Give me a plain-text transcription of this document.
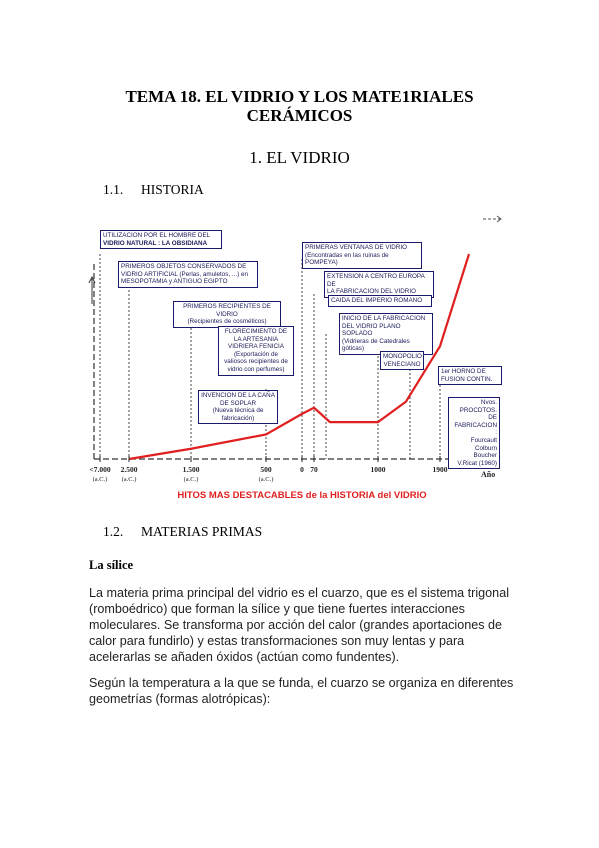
TEMA 18. EL VIDRIO Y LOS MATE1RIALES
CERÁMICOS
1. EL VIDRIO
1.1. HISTORIA
<7.000
(a.C.)
2.500
(a.C.)
1.500
(a.C.)
500
(a.C.)
0 70	1000	1900
Año
HITOS MAS DESTACABLES de la HISTORIA del VIDRIO
UTILIZACION POR EL HOMBRE DEL
VIDRIO NATURAL : LA OBSIDIANA
PRIMEROS OBJETOS CONSERVADOS DE
VIDRIO ARTIFICIAL (Perlas, amuletos, ...) en
MESOPOTAMIA y ANTIGUO EGIPTO
PRIMEROS RECIPIENTES DE VIDRIO
(Recipientes de cosméticos)
FLORECIMIENTO DE
LA ARTESANIA
VIDRIERA FENICIA
(Exportación de
valiosos recipientes de
vidrio con perfumes)
INVENCION DE LA CAÑA
DE SOPLAR
(Nueva técnica de fabricación)
PRIMERAS VENTANAS DE VIDRIO
(Encontradas en las ruinas de POMPEYA)
EXTENSION A CENTRO EUROPA DE
LA FABRICACION DEL VIDRIO
CAIDA DEL IMPERIO ROMANO
INICIO DE LA FABRICACION
DEL VIDRIO PLANO SOPLADO
(Vidrieras de Catedrales góticas)
MONOPOLIO
VENECIANO
1er HORNO DE
FUSION CONTIN.
Nvos.
PROCDTOS. DE
FABRICACION :
Fourcault
Colburn
Boucher
V.Ricat (1960)
1.2. MATERIAS PRIMAS
La sílice
La materia prima principal del vidrio es el cuarzo, que es el sistema trigonal (romboédrico) que forman la sílice y que tiene fuertes interacciones moleculares. Se transforma por acción del calor (grandes aportaciones de calor para fundirlo) y estas transformaciones son muy lentas y para acelerarlas se añaden óxidos (actúan como fundentes).
Según la temperatura a la que se funda, el cuarzo se organiza en diferentes geometrías (formas alotrópicas):
